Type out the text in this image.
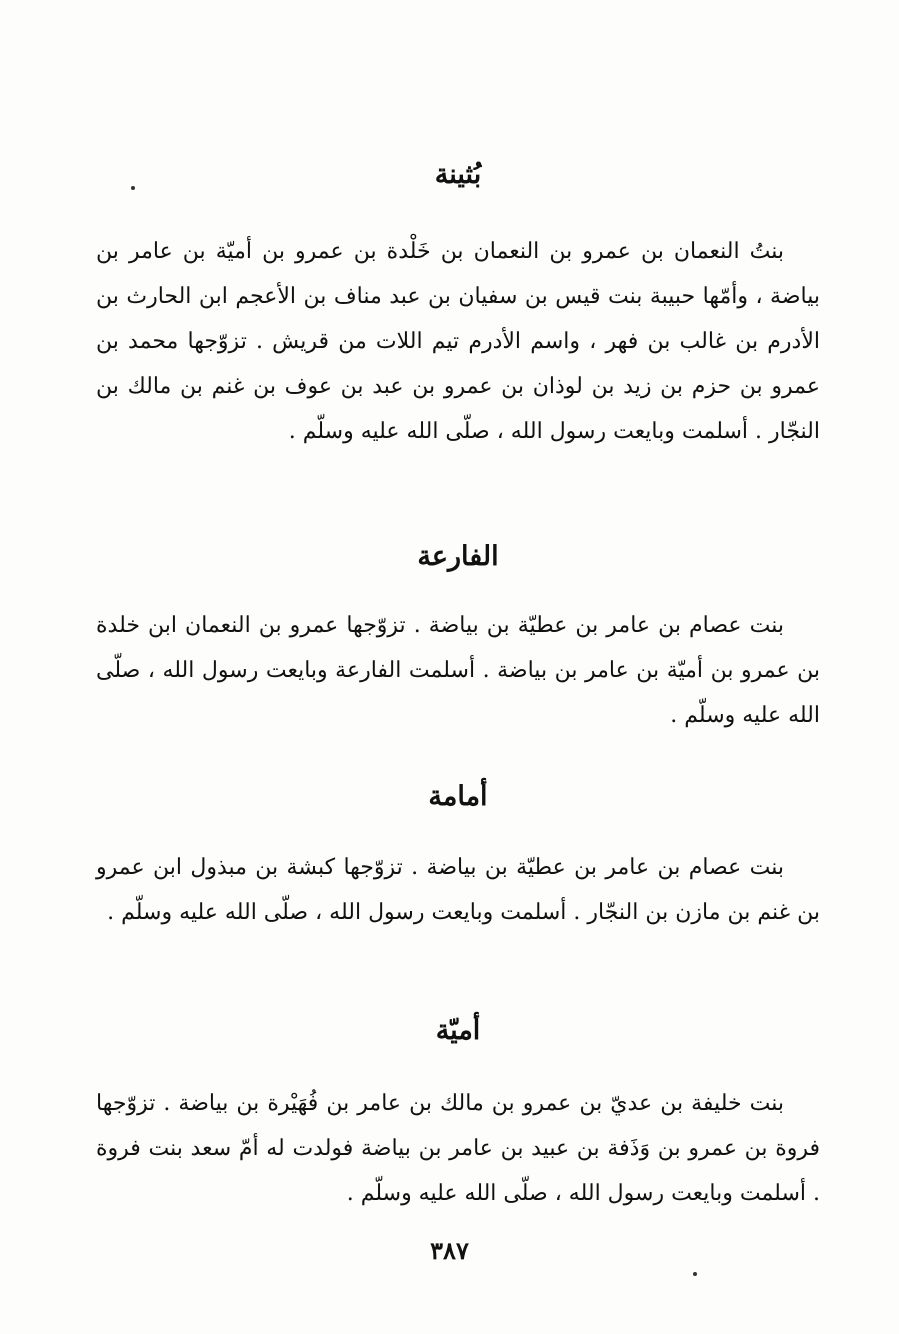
بُثينة

بنتُ النعمان بن عمرو بن النعمان بن خَلْدة بن عمرو بن أميّة بن عامر بن بياضة ، وأمّها حبيبة بنت قيس بن سفيان بن عبد مناف بن الأعجم ابن الحارث بن الأدرم بن غالب بن فهر ، واسم الأدرم تيم اللات من قريش . تزوّجها محمد بن عمرو بن حزم بن زيد بن لوذان بن عمرو بن عبد بن عوف بن غنم بن مالك بن النجّار . أسلمت وبايعت رسول الله ، صلّى الله عليه وسلّم .

الفارعة

بنت عصام بن عامر بن عطيّة بن بياضة . تزوّجها عمرو بن النعمان ابن خلدة بن عمرو بن أميّة بن عامر بن بياضة . أسلمت الفارعة وبايعت رسول الله ، صلّى الله عليه وسلّم .

أمامة

بنت عصام بن عامر بن عطيّة بن بياضة . تزوّجها كبشة بن مبذول ابن عمرو بن غنم بن مازن بن النجّار . أسلمت وبايعت رسول الله ، صلّى الله عليه وسلّم .

أميّة

بنت خليفة بن عديّ بن عمرو بن مالك بن عامر بن فُهَيْرة بن بياضة . تزوّجها فروة بن عمرو بن وَذَفة بن عبيد بن عامر بن بياضة فولدت له أمّ سعد بنت فروة . أسلمت وبايعت رسول الله ، صلّى الله عليه وسلّم .

٣٨٧
